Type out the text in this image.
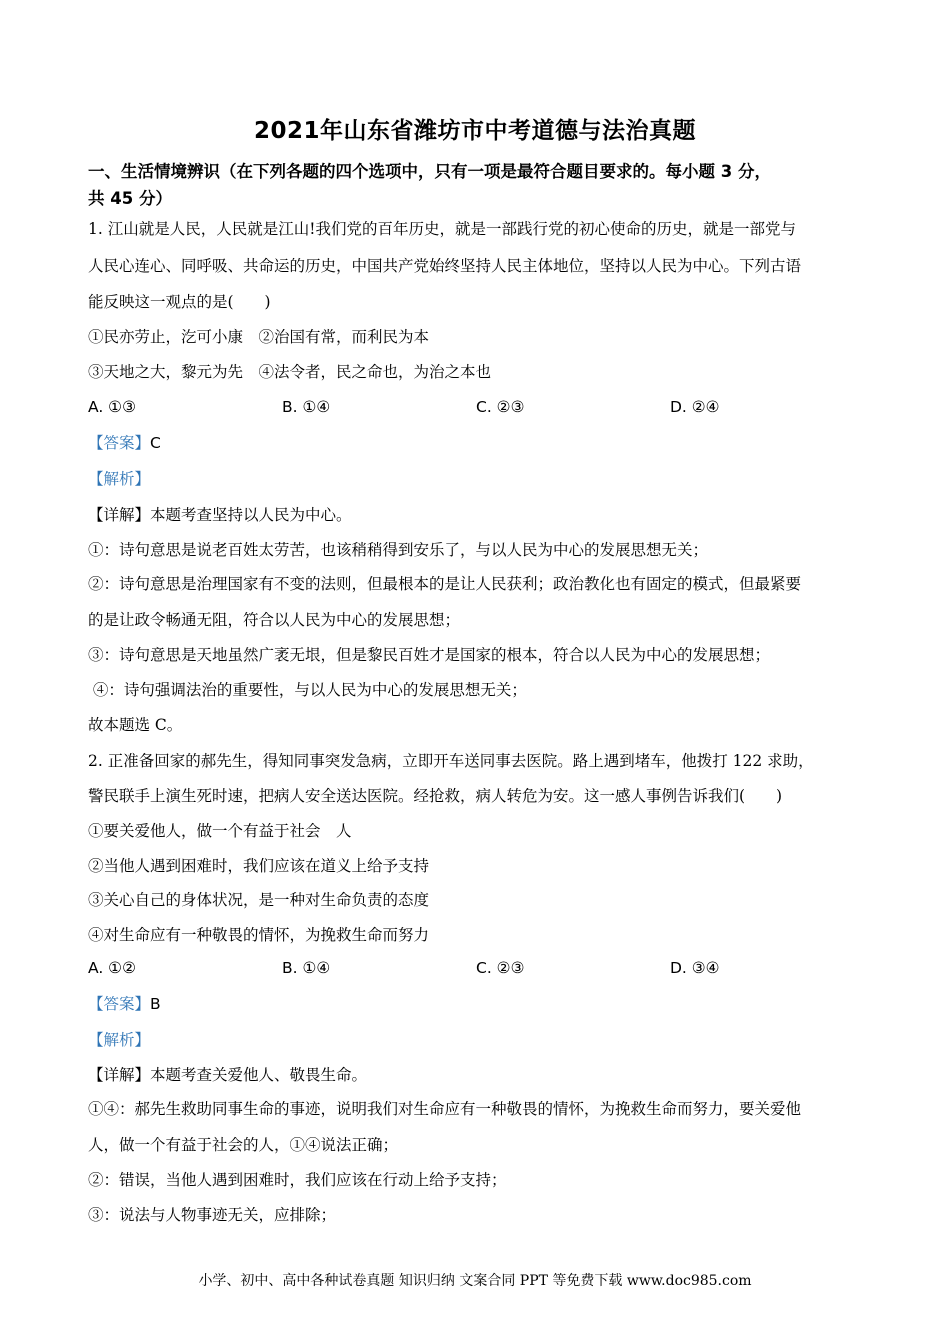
2021年山东省潍坊市中考道德与法治真题
一、生活情境辨识（在下列各题的四个选项中，只有一项是最符合题目要求的。每小题 3 分，
共 45 分）
1. 江山就是人民，人民就是江山!我们党的百年历史，就是一部践行党的初心使命的历史，就是一部党与
人民心连心、同呼吸、共命运的历史，中国共产党始终坚持人民主体地位，坚持以人民为中心。下列古语
能反映这一观点的是(　　)
①民亦劳止，汔可小康　②治国有常，而利民为本
③天地之大，黎元为先　④法令者，民之命也，为治之本也
A. ①③	B. ①④	C. ②③	D. ②④
【答案】C
【解析】
【详解】本题考查坚持以人民为中心。
①：诗句意思是说老百姓太劳苦，也该稍稍得到安乐了，与以人民为中心的发展思想无关；
②：诗句意思是治理国家有不变的法则，但最根本的是让人民获利；政治教化也有固定的模式，但最紧要
的是让政令畅通无阻，符合以人民为中心的发展思想；
③：诗句意思是天地虽然广袤无垠，但是黎民百姓才是国家的根本，符合以人民为中心的发展思想；
④：诗句强调法治的重要性，与以人民为中心的发展思想无关；
故本题选 C。
2. 正准备回家的郝先生，得知同事突发急病，立即开车送同事去医院。路上遇到堵车，他拨打 122 求助，
警民联手上演生死时速，把病人安全送达医院。经抢救，病人转危为安。这一感人事例告诉我们(　　)
①要关爱他人，做一个有益于社会　人
②当他人遇到困难时，我们应该在道义上给予支持
③关心自己的身体状况，是一种对生命负责的态度
④对生命应有一种敬畏的情怀，为挽救生命而努力
A. ①②	B. ①④	C. ②③	D. ③④
【答案】B
【解析】
【详解】本题考查关爱他人、敬畏生命。
①④：郝先生救助同事生命的事迹，说明我们对生命应有一种敬畏的情怀，为挽救生命而努力，要关爱他
人，做一个有益于社会的人，①④说法正确；
②：错误，当他人遇到困难时，我们应该在行动上给予支持；
③：说法与人物事迹无关，应排除；
小学、初中、高中各种试卷真题 知识归纳 文案合同 PPT 等免费下载 www.doc985.com
